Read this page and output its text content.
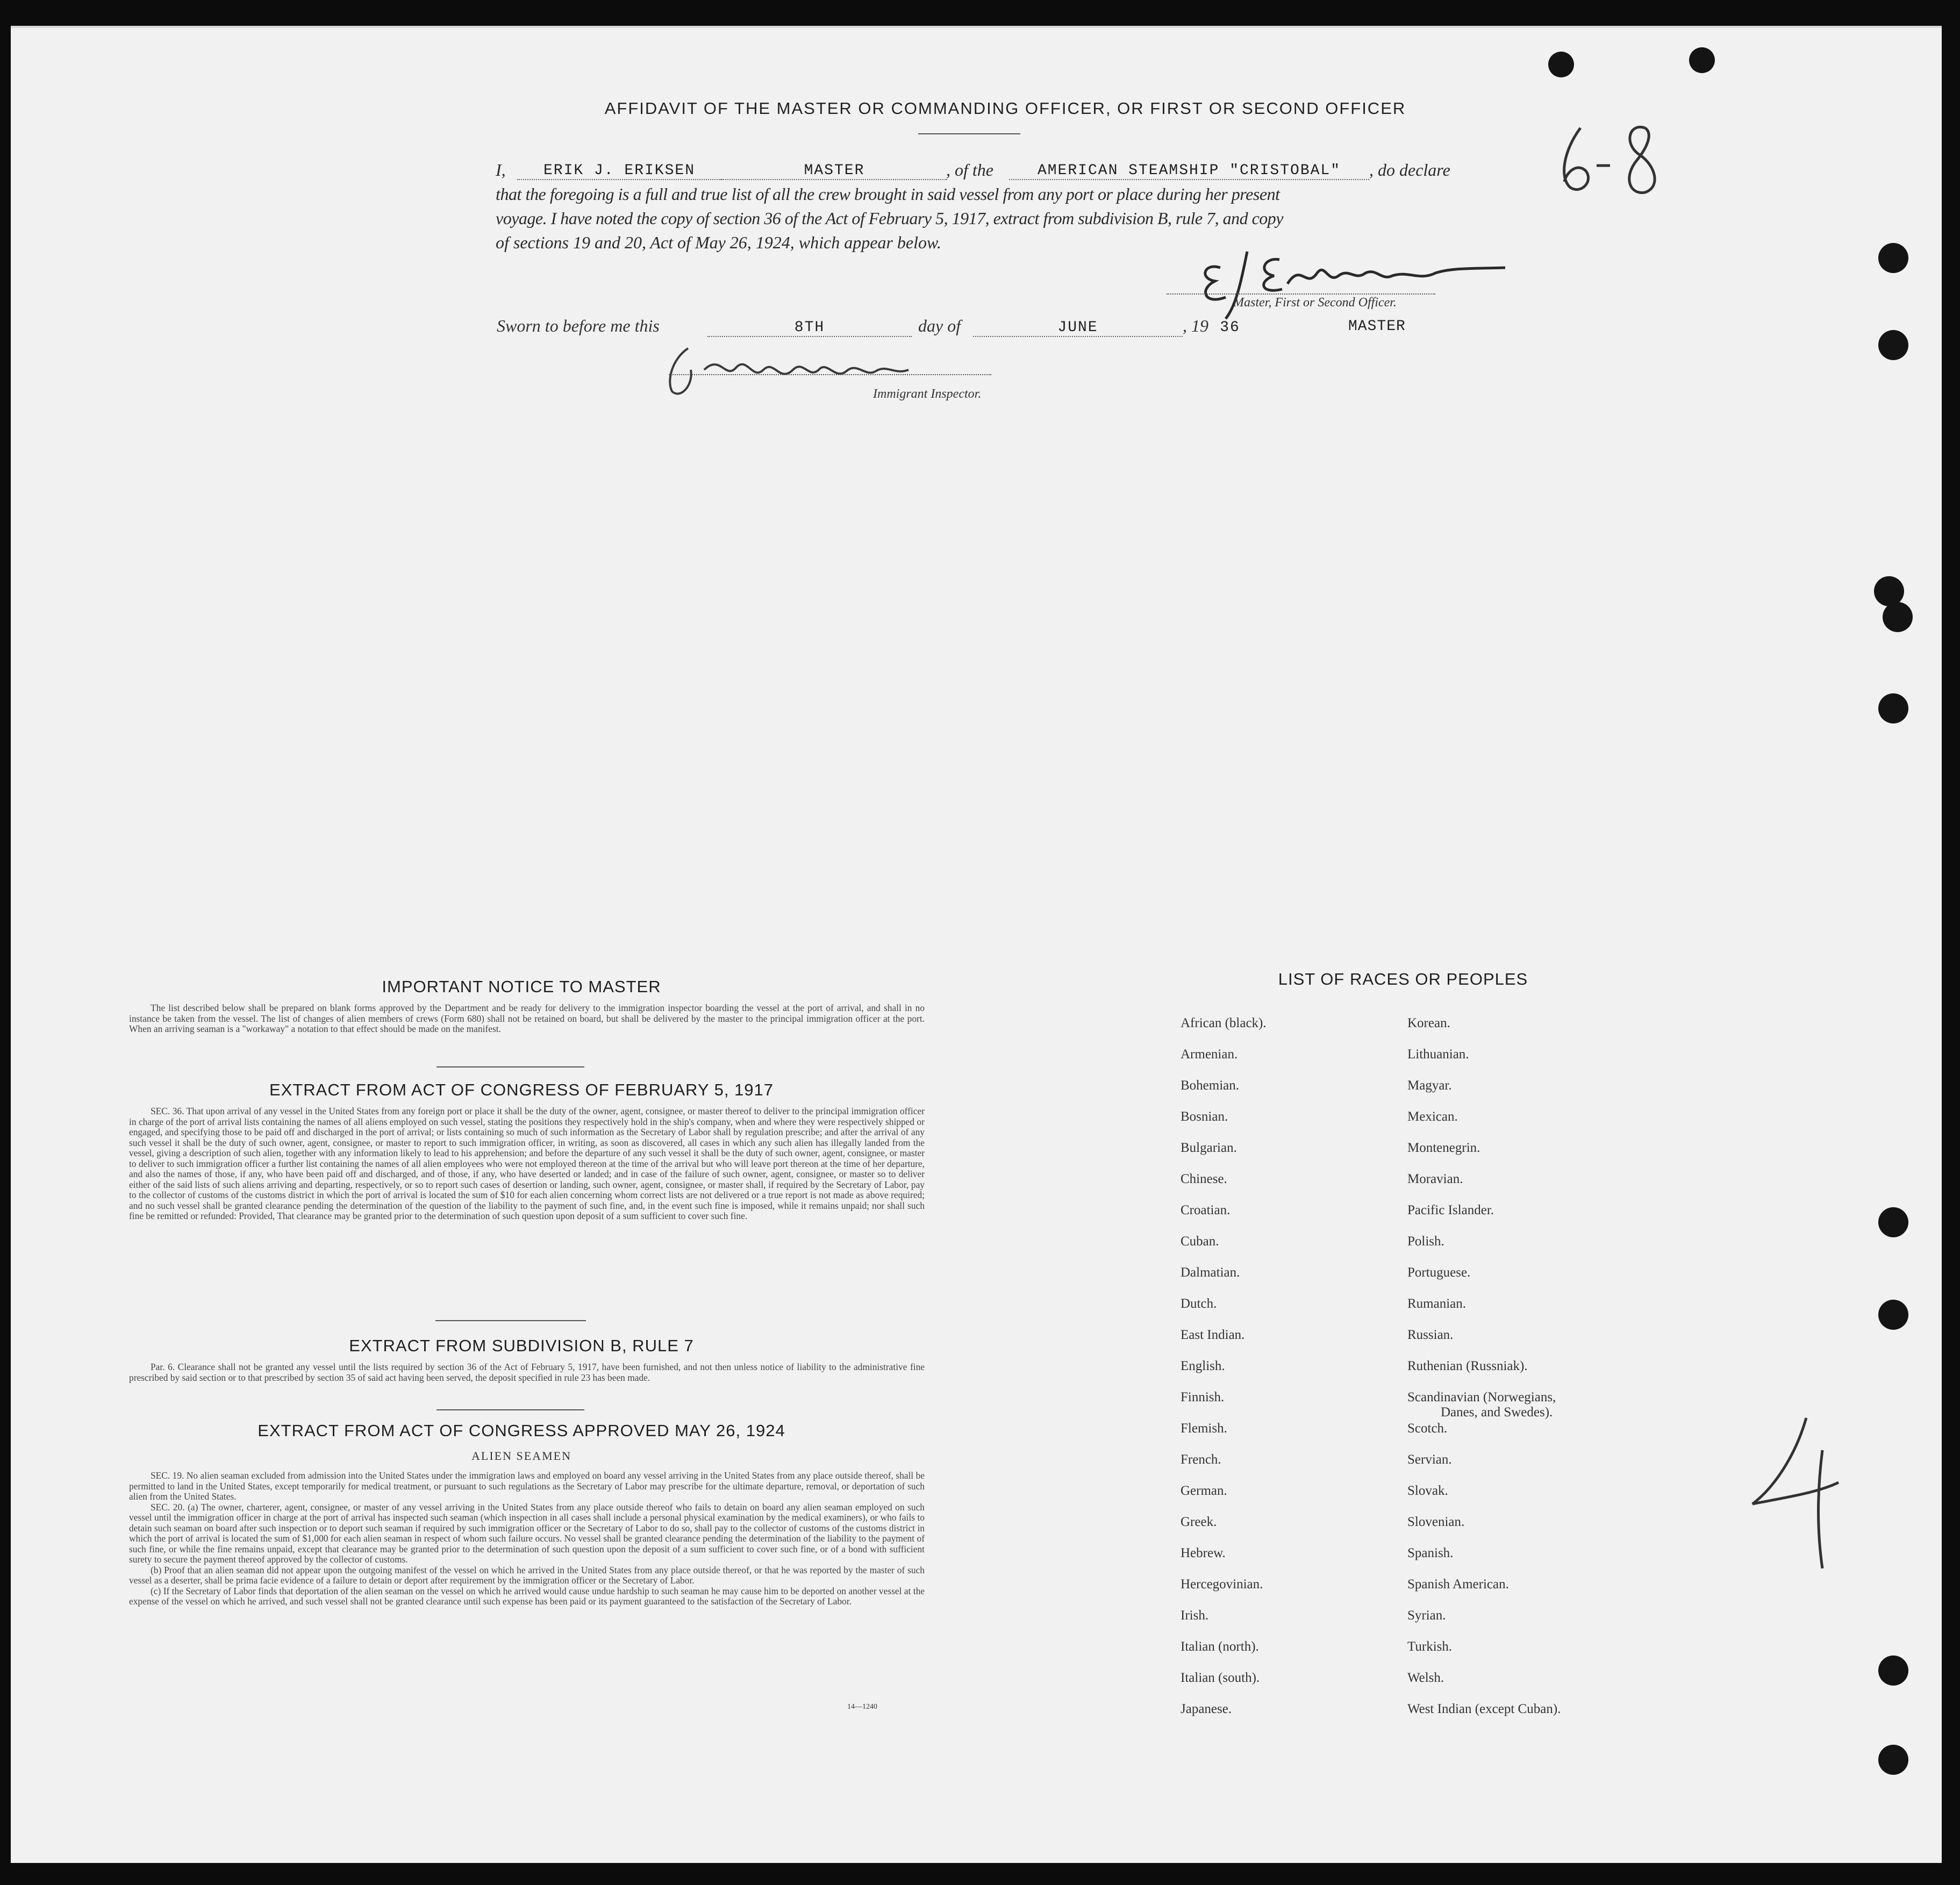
AFFIDAVIT OF THE MASTER OR COMMANDING OFFICER, OR FIRST OR SECOND OFFICER
I,	ERIK J. ERIKSEN	MASTER	, of the	AMERICAN STEAMSHIP "CRISTOBAL"	, do declare
that the foregoing is a full and true list of all the crew brought in said vessel from any port or place during her present
voyage. I have noted the copy of section 36 of the Act of February 5, 1917, extract from subdivision B, rule 7, and copy
of sections 19 and 20, Act of May 26, 1924, which appear below.
Master, First or Second Officer.
Sworn to before me this	8TH	day of	JUNE	, 19 36	MASTER
Immigrant Inspector.
IMPORTANT NOTICE TO MASTER

The list described below shall be prepared on blank forms approved by the Department and be ready for delivery to the immigration inspector boarding the vessel at the port of arrival, and shall in no instance be taken from the vessel. The list of changes of alien members of crews (Form 680) shall not be retained on board, but shall be delivered by the master to the principal immigration officer at the port. When an arriving seaman is a "workaway" a notation to that effect should be made on the manifest.

EXTRACT FROM ACT OF CONGRESS OF FEBRUARY 5, 1917

SEC. 36. That upon arrival of any vessel in the United States from any foreign port or place it shall be the duty of the owner, agent, consignee, or master thereof to deliver to the principal immigration officer in charge of the port of arrival lists containing the names of all aliens employed on such vessel, stating the positions they respectively hold in the ship's company, when and where they were respectively shipped or engaged, and specifying those to be paid off and discharged in the port of arrival; or lists containing so much of such information as the Secretary of Labor shall by regulation prescribe; and after the arrival of any such vessel it shall be the duty of such owner, agent, consignee, or master to report to such immigration officer, in writing, as soon as discovered, all cases in which any such alien has illegally landed from the vessel, giving a description of such alien, together with any information likely to lead to his apprehension; and before the departure of any such vessel it shall be the duty of such owner, agent, consignee, or master to deliver to such immigration officer a further list containing the names of all alien employees who were not employed thereon at the time of the arrival but who will leave port thereon at the time of her departure, and also the names of those, if any, who have been paid off and discharged, and of those, if any, who have deserted or landed; and in case of the failure of such owner, agent, consignee, or master so to deliver either of the said lists of such aliens arriving and departing, respectively, or so to report such cases of desertion or landing, such owner, agent, consignee, or master shall, if required by the Secretary of Labor, pay to the collector of customs of the customs district in which the port of arrival is located the sum of $10 for each alien concerning whom correct lists are not delivered or a true report is not made as above required; and no such vessel shall be granted clearance pending the determination of the question of the liability to the payment of such fine, and, in the event such fine is imposed, while it remains unpaid; nor shall such fine be remitted or refunded: Provided, That clearance may be granted prior to the determination of such question upon deposit of a sum sufficient to cover such fine.

EXTRACT FROM SUBDIVISION B, RULE 7

Par. 6. Clearance shall not be granted any vessel until the lists required by section 36 of the Act of February 5, 1917, have been furnished, and not then unless notice of liability to the administrative fine prescribed by said section or to that prescribed by section 35 of said act having been served, the deposit specified in rule 23 has been made.

EXTRACT FROM ACT OF CONGRESS APPROVED MAY 26, 1924
ALIEN SEAMEN

SEC. 19. No alien seaman excluded from admission into the United States under the immigration laws and employed on board any vessel arriving in the United States from any place outside thereof, shall be permitted to land in the United States, except temporarily for medical treatment, or pursuant to such regulations as the Secretary of Labor may prescribe for the ultimate departure, removal, or deportation of such alien from the United States.

SEC. 20. (a) The owner, charterer, agent, consignee, or master of any vessel arriving in the United States from any place outside thereof who fails to detain on board any alien seaman employed on such vessel until the immigration officer in charge at the port of arrival has inspected such seaman (which inspection in all cases shall include a personal physical examination by the medical examiners), or who fails to detain such seaman on board after such inspection or to deport such seaman if required by such immigration officer or the Secretary of Labor to do so, shall pay to the collector of customs of the customs district in which the port of arrival is located the sum of $1,000 for each alien seaman in respect of whom such failure occurs. No vessel shall be granted clearance pending the determination of the liability to the payment of such fine, or while the fine remains unpaid, except that clearance may be granted prior to the determination of such question upon the deposit of a sum sufficient to cover such fine, or of a bond with sufficient surety to secure the payment thereof approved by the collector of customs.

(b) Proof that an alien seaman did not appear upon the outgoing manifest of the vessel on which he arrived in the United States from any place outside thereof, or that he was reported by the master of such vessel as a deserter, shall be prima facie evidence of a failure to detain or deport after requirement by the immigration officer or the Secretary of Labor.

(c) If the Secretary of Labor finds that deportation of the alien seaman on the vessel on which he arrived would cause undue hardship to such seaman he may cause him to be deported on another vessel at the expense of the vessel on which he arrived, and such vessel shall not be granted clearance until such expense has been paid or its payment guaranteed to the satisfaction of the Secretary of Labor.

14—1240
LIST OF RACES OR PEOPLES
African (black).
Armenian.
Bohemian.
Bosnian.
Bulgarian.
Chinese.
Croatian.
Cuban.
Dalmatian.
Dutch.
East Indian.
English.
Finnish.
Flemish.
French.
German.
Greek.
Hebrew.
Hercegovinian.
Irish.
Italian (north).
Italian (south).
Japanese.
Korean.
Lithuanian.
Magyar.
Mexican.
Montenegrin.
Moravian.
Pacific Islander.
Polish.
Portuguese.
Rumanian.
Russian.
Ruthenian (Russniak).
Scandinavian (Norwegians,
Danes, and Swedes).
Scotch.
Servian.
Slovak.
Slovenian.
Spanish.
Spanish American.
Syrian.
Turkish.
Welsh.
West Indian (except Cuban).
